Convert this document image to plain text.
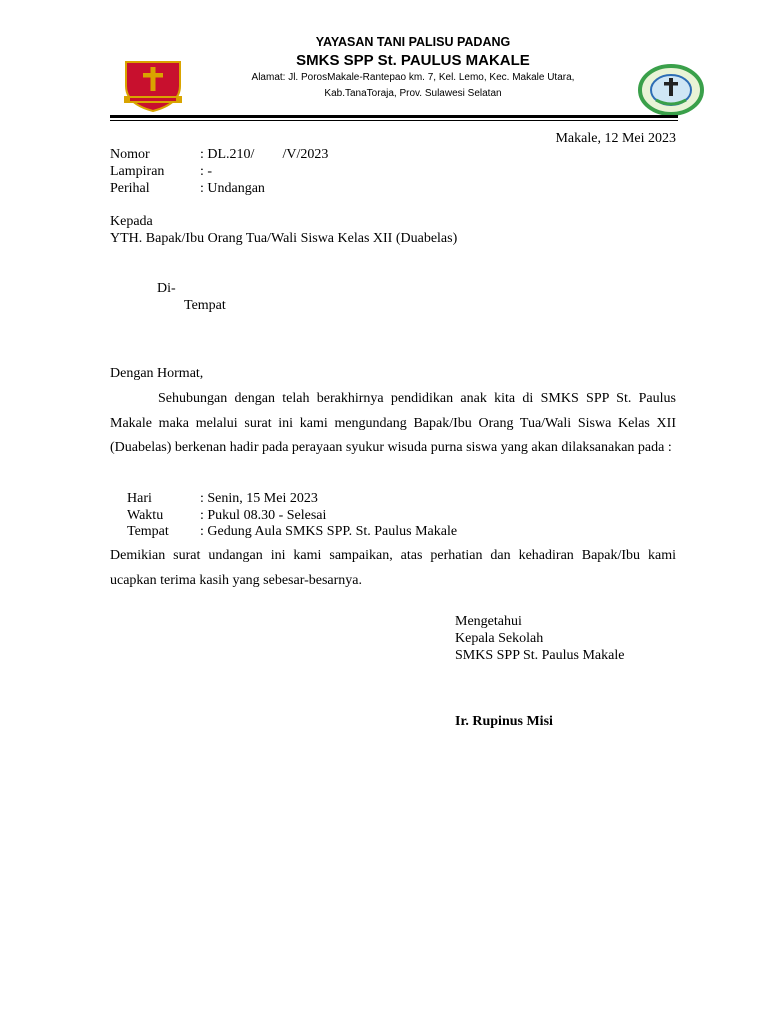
YAYASAN TANI PALISU PADANG
SMKS SPP St. PAULUS MAKALE
Alamat: Jl. PorosMakale-Rantepao km. 7, Kel. Lemo, Kec. Makale Utara,
Kab.TanaToraja, Prov. Sulawesi Selatan
Makale, 12 Mei 2023
Nomor	: DL.210/        /V/2023
Lampiran	: -
Perihal	: Undangan
Kepada
YTH. Bapak/Ibu Orang Tua/Wali Siswa Kelas XII (Duabelas)
Di-
Tempat
Dengan Hormat,
Sehubungan dengan telah berakhirnya pendidikan anak kita di SMKS SPP St. Paulus Makale maka melalui surat ini kami mengundang Bapak/Ibu Orang Tua/Wali Siswa Kelas XII (Duabelas) berkenan hadir pada perayaan syukur wisuda purna siswa yang akan dilaksanakan pada :
Hari	: Senin, 15 Mei 2023
Waktu	: Pukul 08.30 - Selesai
Tempat : Gedung Aula SMKS SPP. St. Paulus Makale
Demikian surat undangan ini kami sampaikan, atas perhatian dan kehadiran Bapak/Ibu kami ucapkan terima kasih yang sebesar-besarnya.
Mengetahui
Kepala Sekolah
SMKS SPP St. Paulus Makale
Ir. Rupinus Misi
